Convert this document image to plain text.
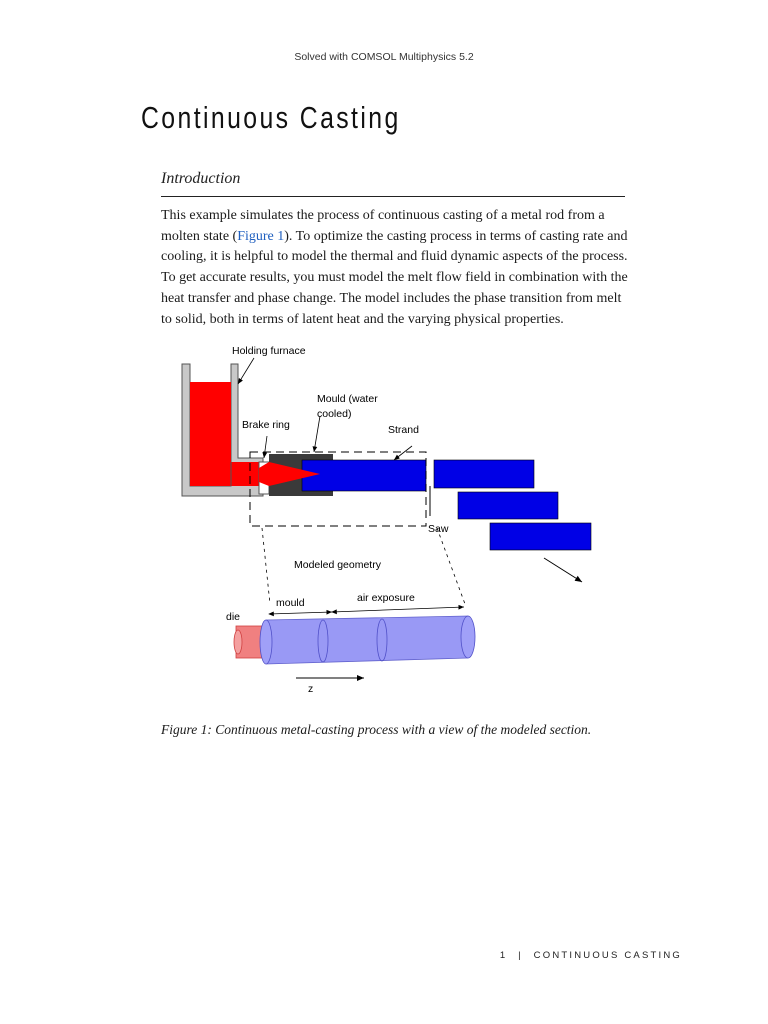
Solved with COMSOL Multiphysics 5.2
Continuous Casting
Introduction

This example simulates the process of continuous casting of a metal rod from a molten state (Figure 1). To optimize the casting process in terms of casting rate and cooling, it is helpful to model the thermal and fluid dynamic aspects of the process. To get accurate results, you must model the melt flow field in combination with the heat transfer and phase change. The model includes the phase transition from melt to solid, both in terms of latent heat and the varying physical properties.

Holding furnace
Mould (water
cooled)
Brake ring	Strand
Saw
Modeled geometry
mould	air exposure
die
z

Figure 1: Continuous metal-casting process with a view of the modeled section.

1 | CONTINUOUS CASTING
